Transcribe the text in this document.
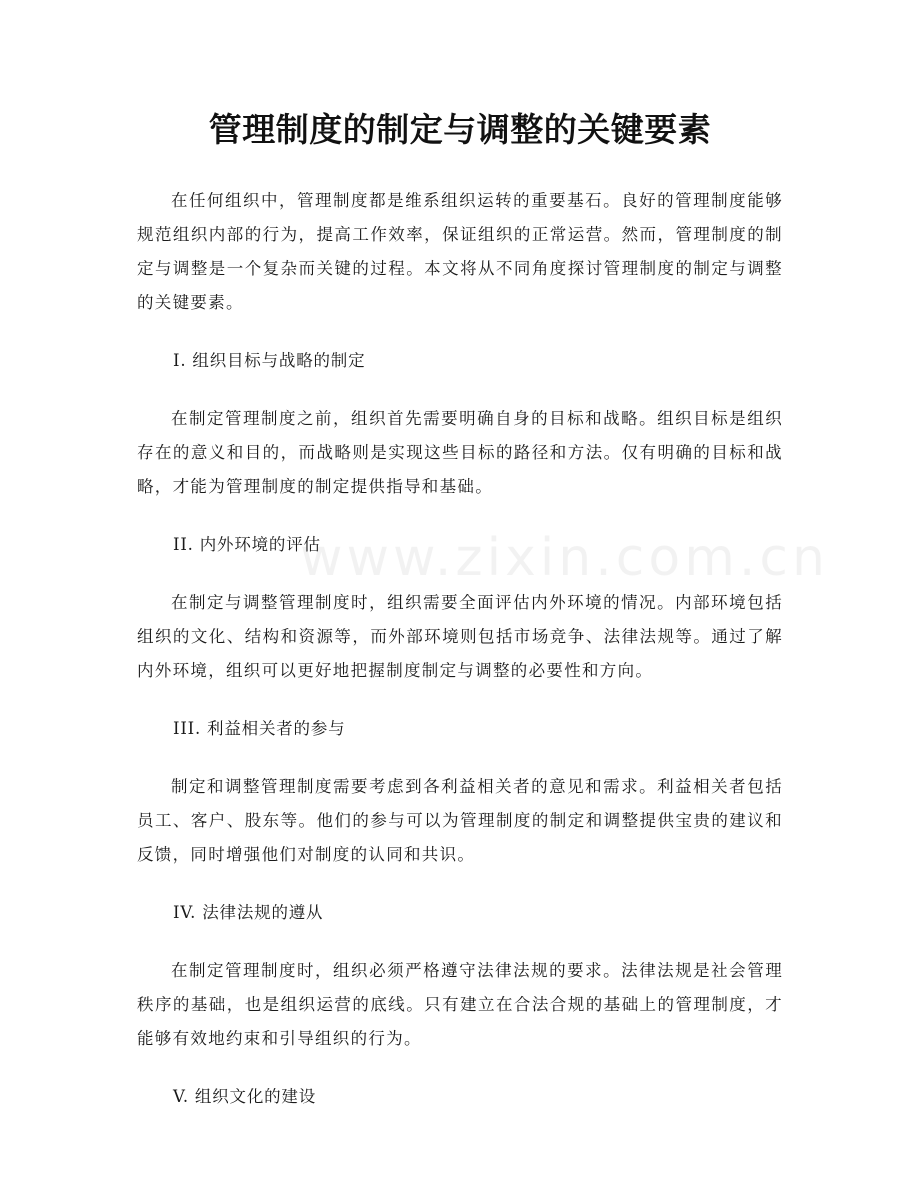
管理制度的制定与调整的关键要素
www.zixin.com.cn

在任何组织中，管理制度都是维系组织运转的重要基石。良好的管理制度能够规范组织内部的行为，提高工作效率，保证组织的正常运营。然而，管理制度的制定与调整是一个复杂而关键的过程。本文将从不同角度探讨管理制度的制定与调整的关键要素。

I. 组织目标与战略的制定

在制定管理制度之前，组织首先需要明确自身的目标和战略。组织目标是组织存在的意义和目的，而战略则是实现这些目标的路径和方法。仅有明确的目标和战略，才能为管理制度的制定提供指导和基础。

II. 内外环境的评估

在制定与调整管理制度时，组织需要全面评估内外环境的情况。内部环境包括组织的文化、结构和资源等，而外部环境则包括市场竞争、法律法规等。通过了解内外环境，组织可以更好地把握制度制定与调整的必要性和方向。

III. 利益相关者的参与

制定和调整管理制度需要考虑到各利益相关者的意见和需求。利益相关者包括员工、客户、股东等。他们的参与可以为管理制度的制定和调整提供宝贵的建议和反馈，同时增强他们对制度的认同和共识。

IV. 法律法规的遵从

在制定管理制度时，组织必须严格遵守法律法规的要求。法律法规是社会管理秩序的基础，也是组织运营的底线。只有建立在合法合规的基础上的管理制度，才能够有效地约束和引导组织的行为。

V. 组织文化的建设
